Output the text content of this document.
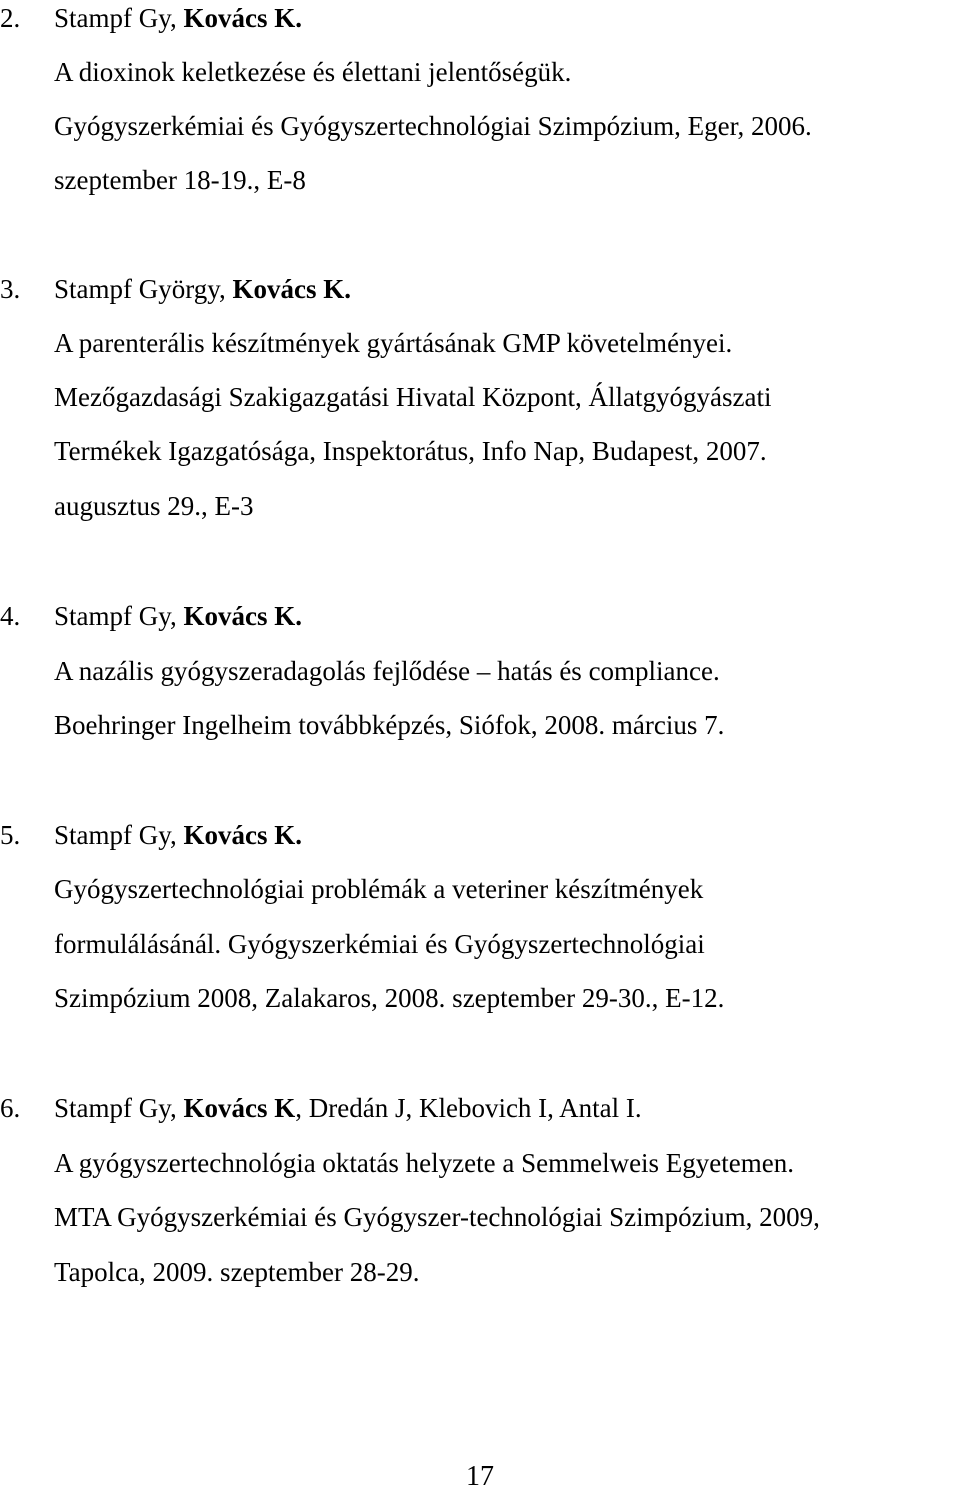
2. Stampf Gy, Kovács K.
A dioxinok keletkezése és élettani jelentőségük.
Gyógyszerkémiai és Gyógyszertechnológiai Szimpózium, Eger, 2006.
szeptember 18-19., E-8
3. Stampf György, Kovács K.
A parenterális készítmények gyártásának GMP követelményei.
Mezőgazdasági Szakigazgatási Hivatal Központ, Állatgyógyászati
Termékek Igazgatósága, Inspektorátus, Info Nap, Budapest, 2007.
augusztus 29., E-3
4. Stampf Gy, Kovács K.
A nazális gyógyszeradagolás fejlődése – hatás és compliance.
Boehringer Ingelheim továbbképzés, Siófok, 2008. március 7.
5. Stampf Gy, Kovács K.
Gyógyszertechnológiai problémák a veteriner készítmények
formulálásánál. Gyógyszerkémiai és Gyógyszertechnológiai
Szimpózium 2008, Zalakaros, 2008. szeptember 29-30., E-12.
6. Stampf Gy, Kovács K, Dredán J, Klebovich I, Antal I.
A gyógyszertechnológia oktatás helyzete a Semmelweis Egyetemen.
MTA Gyógyszerkémiai és Gyógyszer-technológiai Szimpózium, 2009,
Tapolca, 2009. szeptember 28-29.
17
